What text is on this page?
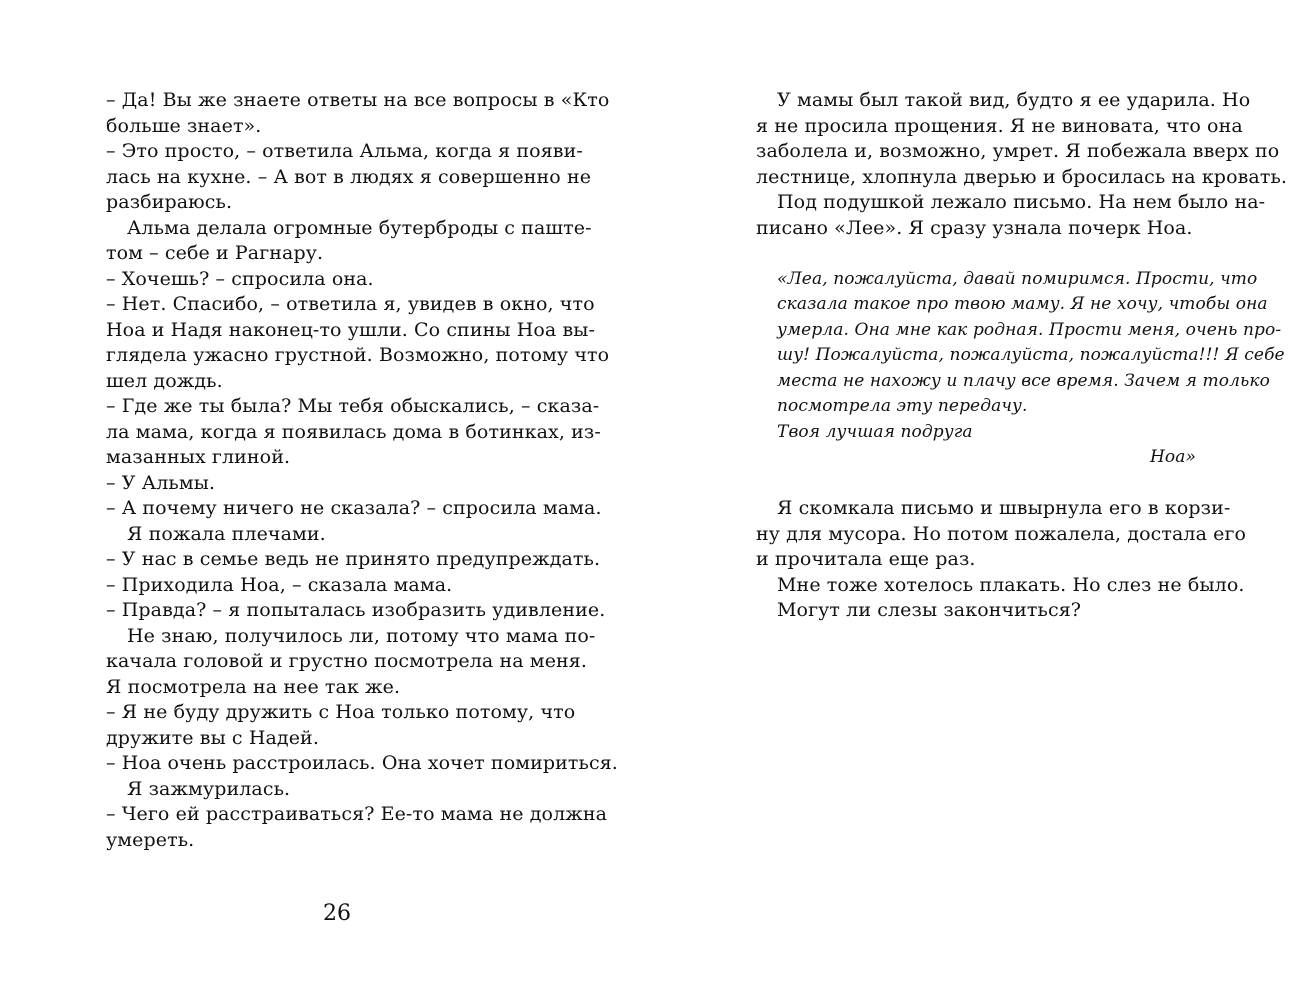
– Да! Вы же знаете ответы на все вопросы в «Кто
больше знает».
– Это просто, – ответила Альма, когда я появи-
лась на кухне. – А вот в людях я совершенно не
разбираюсь.
Альма делала огромные бутерброды с паште-
том – себе и Рагнару.
– Хочешь? – спросила она.
– Нет. Спасибо, – ответила я, увидев в окно, что
Ноа и Надя наконец-то ушли. Со спины Ноа вы-
глядела ужасно грустной. Возможно, потому что
шел дождь.
– Где же ты была? Мы тебя обыскались, – сказа-
ла мама, когда я появилась дома в ботинках, из-
мазанных глиной.
– У Альмы.
– А почему ничего не сказала? – спросила мама.
Я пожала плечами.
– У нас в семье ведь не принято предупреждать.
– Приходила Ноа, – сказала мама.
– Правда? – я попыталась изобразить удивление.
Не знаю, получилось ли, потому что мама по-
качала головой и грустно посмотрела на меня.
Я посмотрела на нее так же.
– Я не буду дружить с Ноа только потому, что
дружите вы с Надей.
– Ноа очень расстроилась. Она хочет помириться.
Я зажмурилась.
– Чего ей расстраиваться? Ее-то мама не должна
умереть.
26
У мамы был такой вид, будто я ее ударила. Но
я не просила прощения. Я не виновата, что она
заболела и, возможно, умрет. Я побежала вверх по
лестнице, хлопнула дверью и бросилась на кровать.
Под подушкой лежало письмо. На нем было на-
писано «Лее». Я сразу узнала почерк Ноа.
«Леа, пожалуйста, давай помиримся. Прости, что
сказала такое про твою маму. Я не хочу, чтобы она
умерла. Она мне как родная. Прости меня, очень про-
шу! Пожалуйста, пожалуйста, пожалуйста!!! Я себе
места не нахожу и плачу все время. Зачем я только
посмотрела эту передачу.
Твоя лучшая подруга
Ноа»
Я скомкала письмо и швырнула его в корзи-
ну для мусора. Но потом пожалела, достала его
и прочитала еще раз.
Мне тоже хотелось плакать. Но слез не было.
Могут ли слезы закончиться?
